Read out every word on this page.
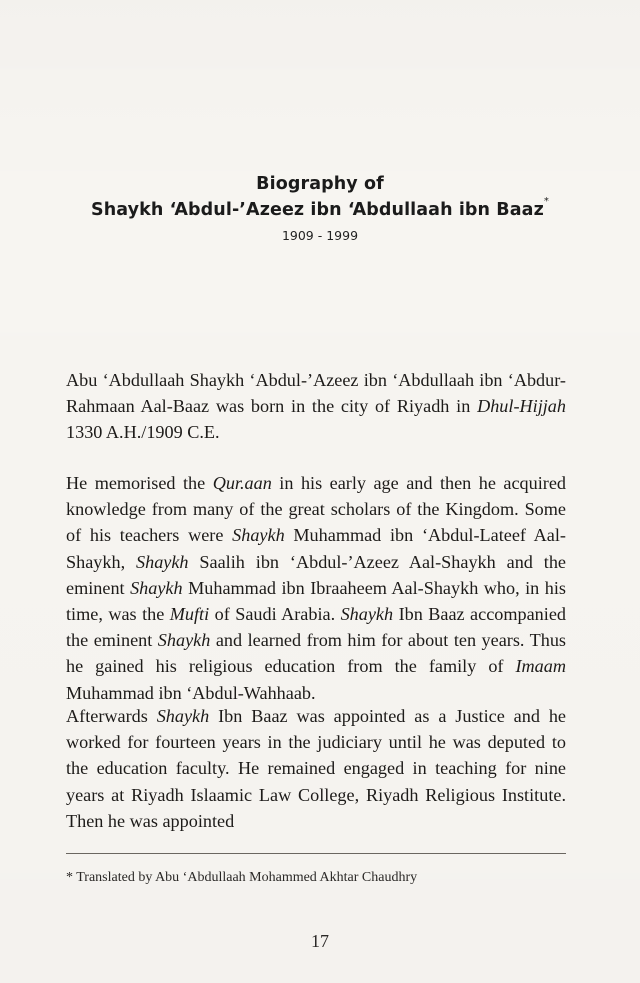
Biography of
Shaykh ‘Abdul-’Azeez ibn ‘Abdullaah ibn Baaz*
1909 - 1999
Abu ‘Abdullaah Shaykh ‘Abdul-’Azeez ibn ‘Abdullaah ibn ‘Abdur-Rahmaan Aal-Baaz was born in the city of Riyadh in Dhul-Hijjah 1330 A.H./1909 C.E.
He memorised the Qur.aan in his early age and then he acquired knowledge from many of the great scholars of the Kingdom. Some of his teachers were Shaykh Muhammad ibn ‘Abdul-Lateef Aal-Shaykh, Shaykh Saalih ibn ‘Abdul-’Azeez Aal-Shaykh and the eminent Shaykh Muhammad ibn Ibraaheem Aal-Shaykh who, in his time, was the Mufti of Saudi Arabia. Shaykh Ibn Baaz accompanied the eminent Shaykh and learned from him for about ten years. Thus he gained his religious education from the family of Imaam Muhammad ibn ‘Abdul-Wahhaab.
Afterwards Shaykh Ibn Baaz was appointed as a Justice and he worked for fourteen years in the judiciary until he was deputed to the education faculty. He remained engaged in teaching for nine years at Riyadh Islaamic Law College, Riyadh Religious Institute. Then he was appointed
* Translated by Abu ‘Abdullaah Mohammed Akhtar Chaudhry
17
